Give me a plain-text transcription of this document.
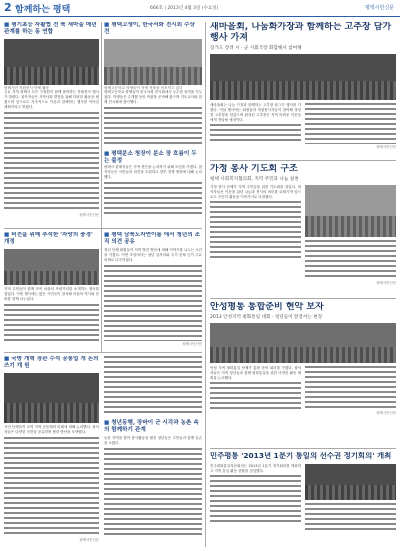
2 함께하는 평택	666호 | 2013년 4월 3일 (수요일)	평택시민신문
■ 평기초등 자활협 전 북 새마을 매년 관계를 하는 동 연합
평택시민 자원봉사 단체 활동
주요 지역 평택시 모든 구성원이 함께 참여하는 자원봉사 행사가 열렸다. 참가자들은 지역사회 발전을 위해 다양한 활동을 펼쳤으며 앞으로도 지속적으로 이웃과 함께하는 행사를 이어갈 계획이라고 밝혔다.
평택시민신문
■ 평택고생이, 한국서화 전시회 수상 전
평택고등학교 학생들이 서예 작품을 선보이고 있다
평택고등학교 학생들이 한국서화 전시회에서 우수한 성적을 거두었다. 학생들은 수개월 동안 작품을 준비해 왔으며 지도교사와 함께 전시회에 참가했다.
■ 평택분소 청장이 분소 장 흐름이 두는 불정
평택시 관계자들은 지역 현안을 논의하기 위해 모임을 가졌다. 참석자들은 시민들의 의견을 수렴하고 향후 정책 방향에 대해 논의했다.
■ 비전을 위해 추석한 '자랑의 풍경' 개정
지역 주민들이 함께 모여 마을의 자랑거리를 소개하는 행사를 열었다. 이번 행사에는 많은 시민들이 참석해 마을의 역사와 문화를 함께 나누었다.
■ 평택 남북도자연이룸 에서 청년의 조직 의견 공유
청년 단체 회원들이 지역 발전 방안에 대해 이야기를 나누는 시간을 가졌다. 이번 모임에서는 청년 일자리와 주거 문제 등이 주요 의제로 다루어졌다.
평택시민신문
■ 국방 개혁 장관 수석 공통업 개 논의 쓰기 개 원
시민 단체들이 모여 지역 공동체의 미래에 대해 논의했다. 참석자들은 다양한 의견을 공유하며 협력 방안을 모색했다.
평택시민신문
■ 청년동행, 장바이 군 시각과 농촌 속의 함께하기 관계
농촌 지역을 찾아 봉사활동을 펼친 청년들은 주민들과 함께 일손을 도왔다.
새마을회, 나눔화가장과 함께하는 고추장 담가행사 가져
장가도 장려 시 · 군 사회국장 화합해서 참여해
새마을회는 나눔 가정과 함께하는 고추장 담그기 행사를 가졌다. 이날 행사에는 회원들과 자원봉사자들이 참여해 정성껏 고추장을 담갔으며 완성된 고추장은 지역 어려운 이웃들에게 전달될 예정이다.
평택시민신문
가정 봉사 기도회 구조
평택 사회복지협의회, 지역 주민과 나눔 실천
가정 봉사 단체가 지역 주민들을 위한 기도회를 열었다. 참석자들은 이웃을 위한 나눔과 봉사의 의미를 되새기며 앞으로도 꾸준히 활동을 이어가기로 다짐했다.
평택시민신문
안성평통 통합준비 현악 보자
2013 안성지역 평화통일 대회 · 청년들이 앞장서는 현장
안성 지역 평화통일 단체가 통합 준비 회의를 가졌다. 참석자들은 지역 청년들과 함께 평화통일을 위한 다양한 활동 계획을 논의했다.
평택시민신문
민주평통 '2013년 1분기 통일의 선수권 정기회의' 개최
민주평화통일자문회의는 2013년 1분기 정기회의를 개최하고 지역 통일 활동 현황을 점검했다.
